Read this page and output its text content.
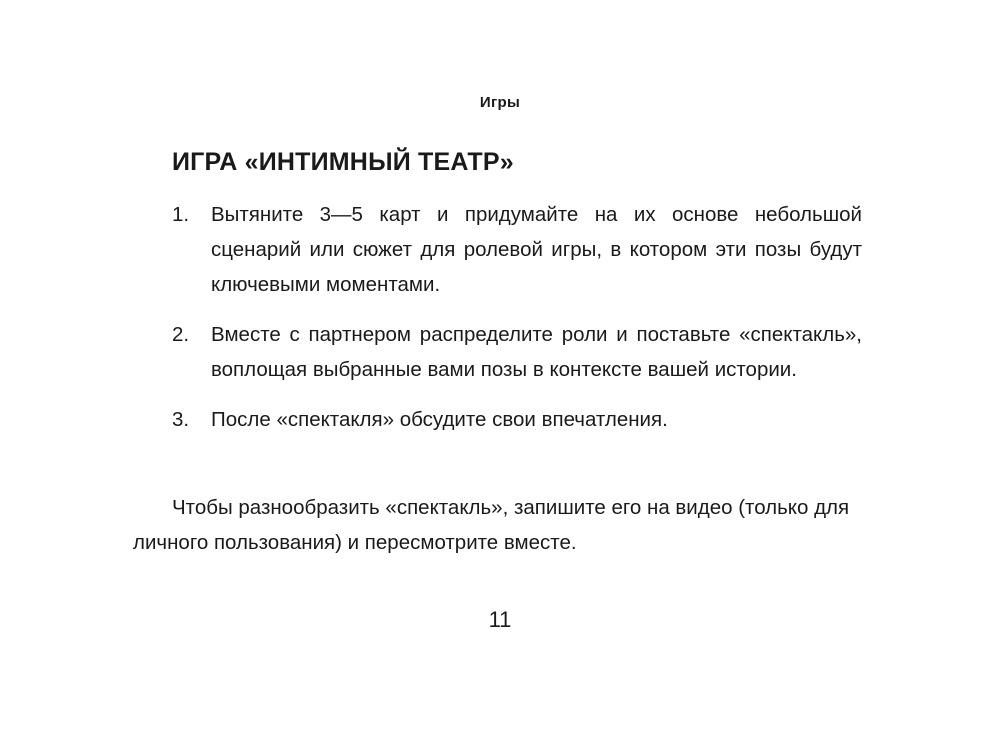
Игры
ИГРА «ИНТИМНЫЙ ТЕАТР»
1. Вытяните 3—5 карт и придумайте на их основе небольшой сценарий или сюжет для ролевой игры, в котором эти позы будут ключевыми моментами.
2. Вместе с партнером распределите роли и поставьте «спектакль», воплощая выбранные вами позы в контексте вашей истории.
3. После «спектакля» обсудите свои впечатления.

Чтобы разнообразить «спектакль», запишите его на видео (только для личного пользования) и пересмотрите вместе.

11
